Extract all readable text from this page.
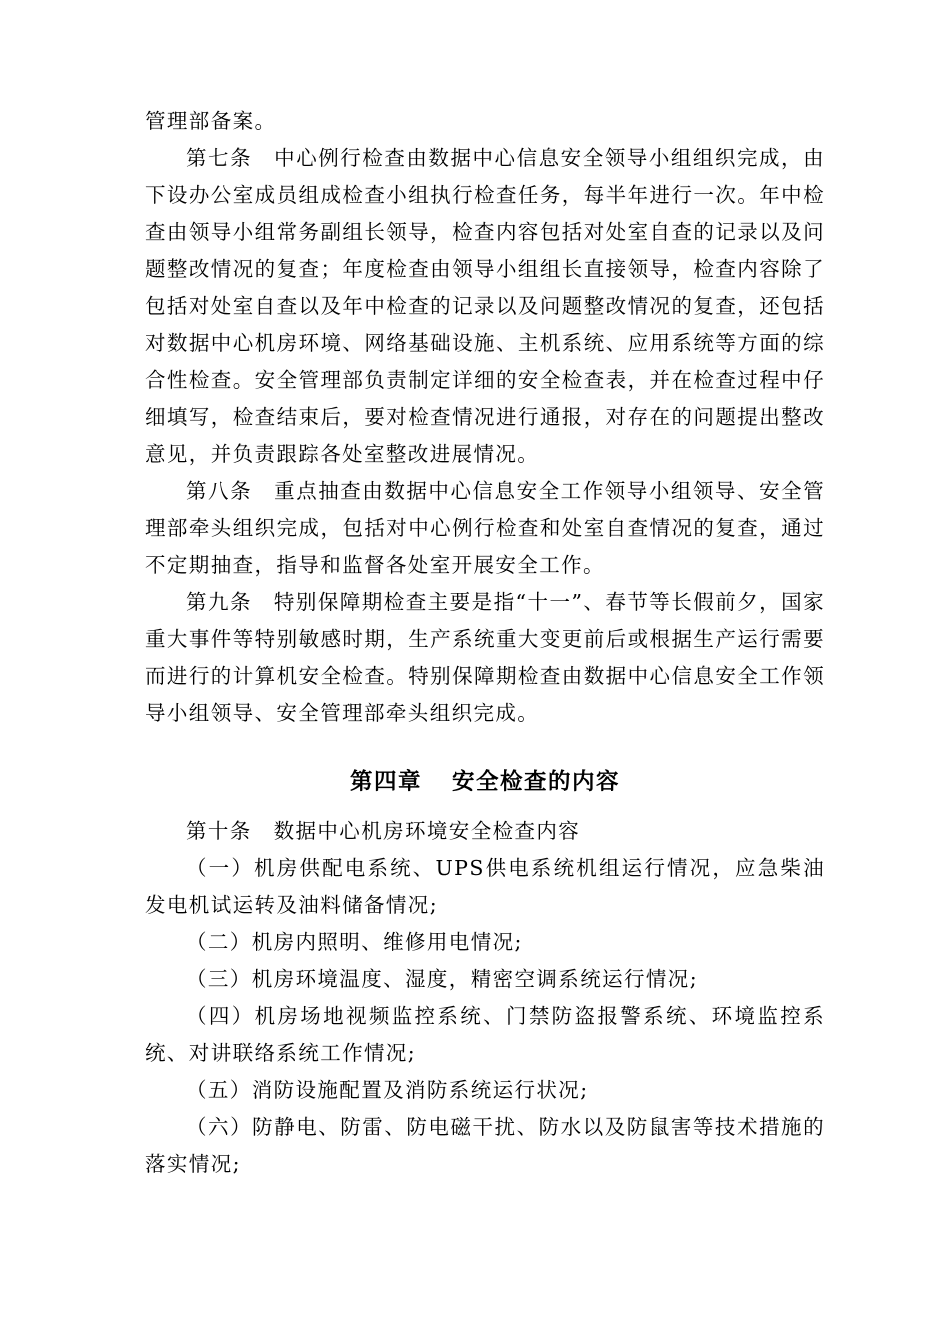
管理部备案。

第七条　中心例行检查由数据中心信息安全领导小组组织完成，由下设办公室成员组成检查小组执行检查任务，每半年进行一次。年中检查由领导小组常务副组长领导，检查内容包括对处室自查的记录以及问题整改情况的复查；年度检查由领导小组组长直接领导，检查内容除了包括对处室自查以及年中检查的记录以及问题整改情况的复查，还包括对数据中心机房环境、网络基础设施、主机系统、应用系统等方面的综合性检查。安全管理部负责制定详细的安全检查表，并在检查过程中仔细填写，检查结束后，要对检查情况进行通报，对存在的问题提出整改意见，并负责跟踪各处室整改进展情况。

第八条　重点抽查由数据中心信息安全工作领导小组领导、安全管理部牵头组织完成，包括对中心例行检查和处室自查情况的复查，通过不定期抽查，指导和监督各处室开展安全工作。

第九条　特别保障期检查主要是指“十一”、春节等长假前夕，国家重大事件等特别敏感时期，生产系统重大变更前后或根据生产运行需要而进行的计算机安全检查。特别保障期检查由数据中心信息安全工作领导小组领导、安全管理部牵头组织完成。

第四章 安全检查的内容

第十条　数据中心机房环境安全检查内容

（一）机房供配电系统、UPS供电系统机组运行情况，应急柴油发电机试运转及油料储备情况;

（二）机房内照明、维修用电情况;

（三）机房环境温度、湿度，精密空调系统运行情况;

（四）机房场地视频监控系统、门禁防盗报警系统、环境监控系统、对讲联络系统工作情况;

（五）消防设施配置及消防系统运行状况;

（六）防静电、防雷、防电磁干扰、防水以及防鼠害等技术措施的落实情况;
